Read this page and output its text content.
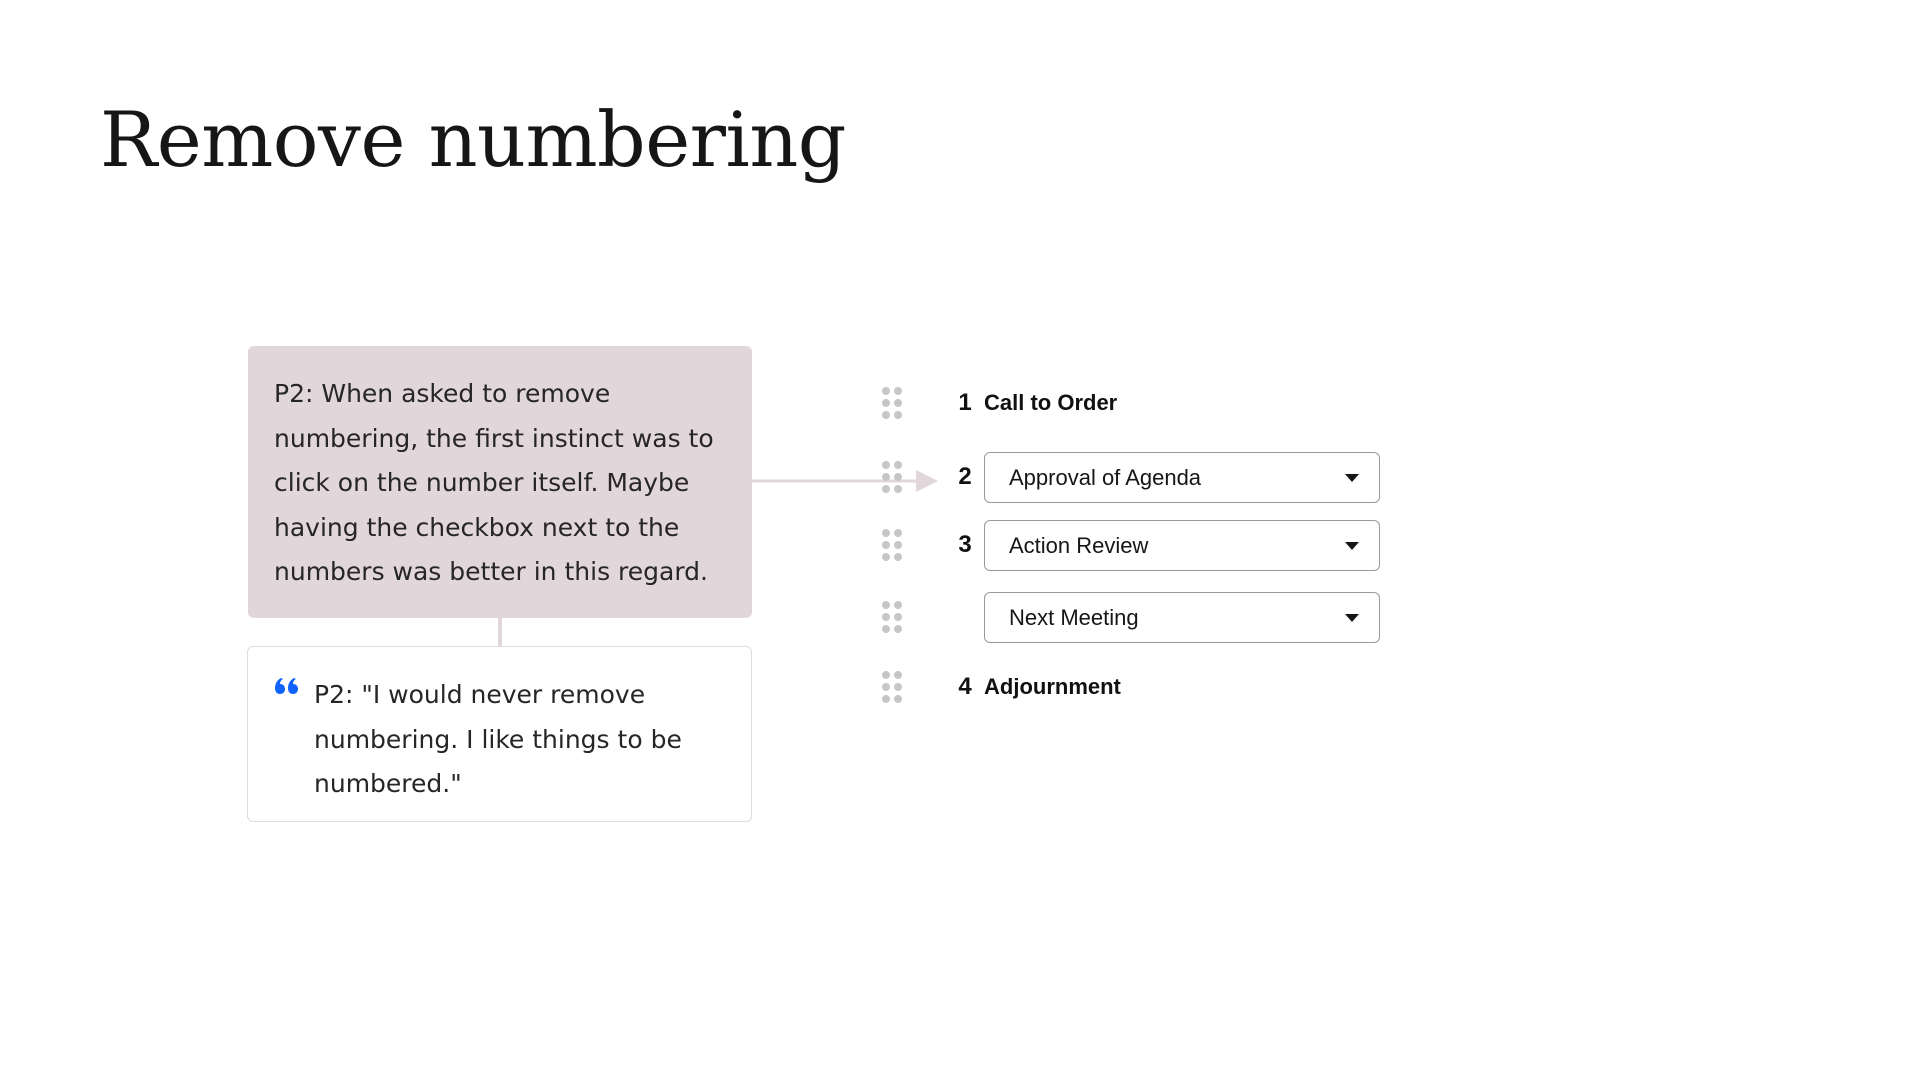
Remove numbering
P2: When asked to remove numbering, the first instinct was to click on the number itself. Maybe having the checkbox next to the numbers was better in this regard.
P2: "I would never remove numbering. I like things to be numbered."
1 Call to Order
2 Approval of Agenda
3 Action Review
Next Meeting
4 Adjournment
